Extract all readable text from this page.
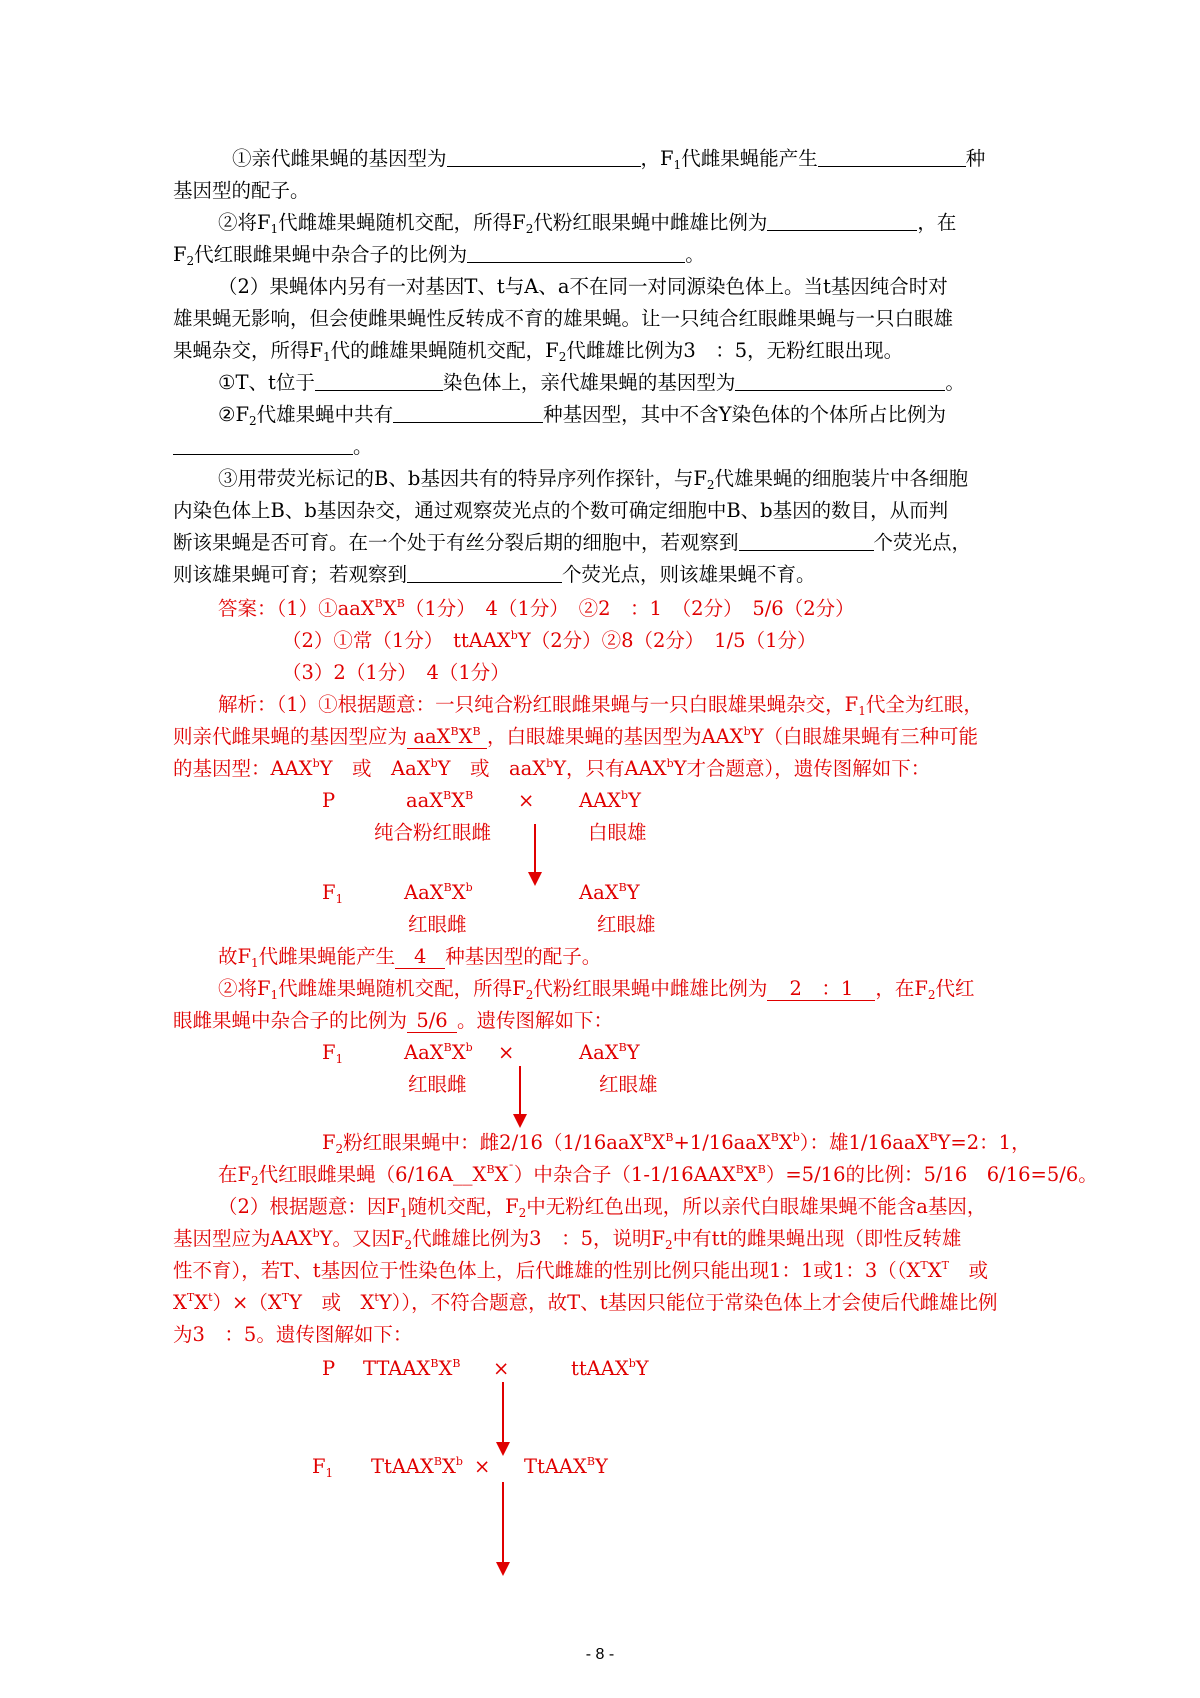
①亲代雌果蝇的基因型为	，$F_1$代雌果蝇能产生	种
基因型的配子。
②将$F_1$代雌雄果蝇随机交配，所得$F_2$代粉红眼果蝇中雌雄比例为	，在
$F_2$代红眼雌果蝇中杂合子的比例为	。
（2）果蝇体内另有一对基因T、t与A、a不在同一对同源染色体上。当t基因纯合时对
雄果蝇无影响，但会使雌果蝇性反转成不育的雄果蝇。让一只纯合红眼雌果蝇与一只白眼雄
果蝇杂交，所得$F_1$代的雌雄果蝇随机交配，$F_2$代雌雄比例为3　：5，无粉红眼出现。
①T、t位于	染色体上，亲代雄果蝇的基因型为	。
$②F_2$代雄果蝇中共有	种基因型，其中不含Y染色体的个体所占比例为
。
③用带荧光标记的B、b基因共有的特异序列作探针，与$F_2$代雄果蝇的细胞装片中各细胞
内染色体上B、b基因杂交，通过观察荧光点的个数可确定细胞中B、b基因的数目，从而判
断该果蝇是否可育。在一个处于有丝分裂后期的细胞中，若观察到	个荧光点，
则该雄果蝇可育；若观察到	个荧光点，则该雄果蝇不育。
答案：$(1)①aaX^BX^B(1$分）　4（1分）　②2　：1　（2分）　5/6（2分）
（2）①常（1分）　ttAAX$^b$Y（2分）②8（2分）　1/5（1分）
（3）2（1分）　4（1分）
解析：（1）①根据题意：一只纯合粉红眼雌果蝇与一只白眼雄果蝇杂交，$F_1$代全为红眼，
则亲代雌果蝇的基因型应为 $aaX^BX^B$ ，白眼雄果蝇的基因型为AAX$^b$Y（白眼雄果蝇有三种可能
的基因型：AAX$^b$Y　或　AaX$^b$Y　或　aaX$^b$Y，只有AAX$^b$Y才合题意），遗传图解如下：
P	$aaX^BX^B \times AAX^bY$
纯合粉红眼雌	白眼雄
$F_1$	$AaX^BX^b$	AaX$^B$Y
红眼雌	红眼雄
故$F_1$代雌果蝇能产生 4 种基因型的配子。
②将$F_1$代雌雄果蝇随机交配，所得$F_2$代粉红眼果蝇中雌雄比例为 2　：1 ，在$F_2$代红
眼雌果蝇中杂合子的比例为 5/6 。遗传图解如下：
$F_1$	$AaX^BX^b$ ×	AaX$^B$Y
红眼雌	红眼雄
$F_2$粉红眼果蝇中：雌$2/16(1/16aaX^BX^B+1/16aaX^BX^b)$：雄1/16aaX$^B$Y=2：1，
在$F_2$代红眼雌果蝇$(6/16A\_\_X^BX^¯)$中杂合子$(1-1/16AAX^BX^B)=5/16$的比例：5/16　6/16=5/6。
（2）根据题意：因$F_1$随机交配，$F_2$中无粉红色出现，所以亲代白眼雄果蝇不能含a基因，
基因型应为AAX$^b$Y。又因$F_2$代雌雄比例为3　：5，说明$F_2$中有tt的雌果蝇出现（即性反转雄
性不育），若T、t基因位于性染色体上，后代雌雄的性别比例只能出现1：1或1：$3((X^TX^T$　 或
$X^TX^t)\times(X^TY$　或　$X^tY$）），不符合题意，故T、t基因只能位于常染色体上才会使后代雌雄比例
为3　：5。遗传图解如下：
P $TTAAX^BX^B$ ×	ttAAX$^b$Y
$F_1$ $TtAAX^BX^b$ × TtAAX$^B$Y
- 8 -
